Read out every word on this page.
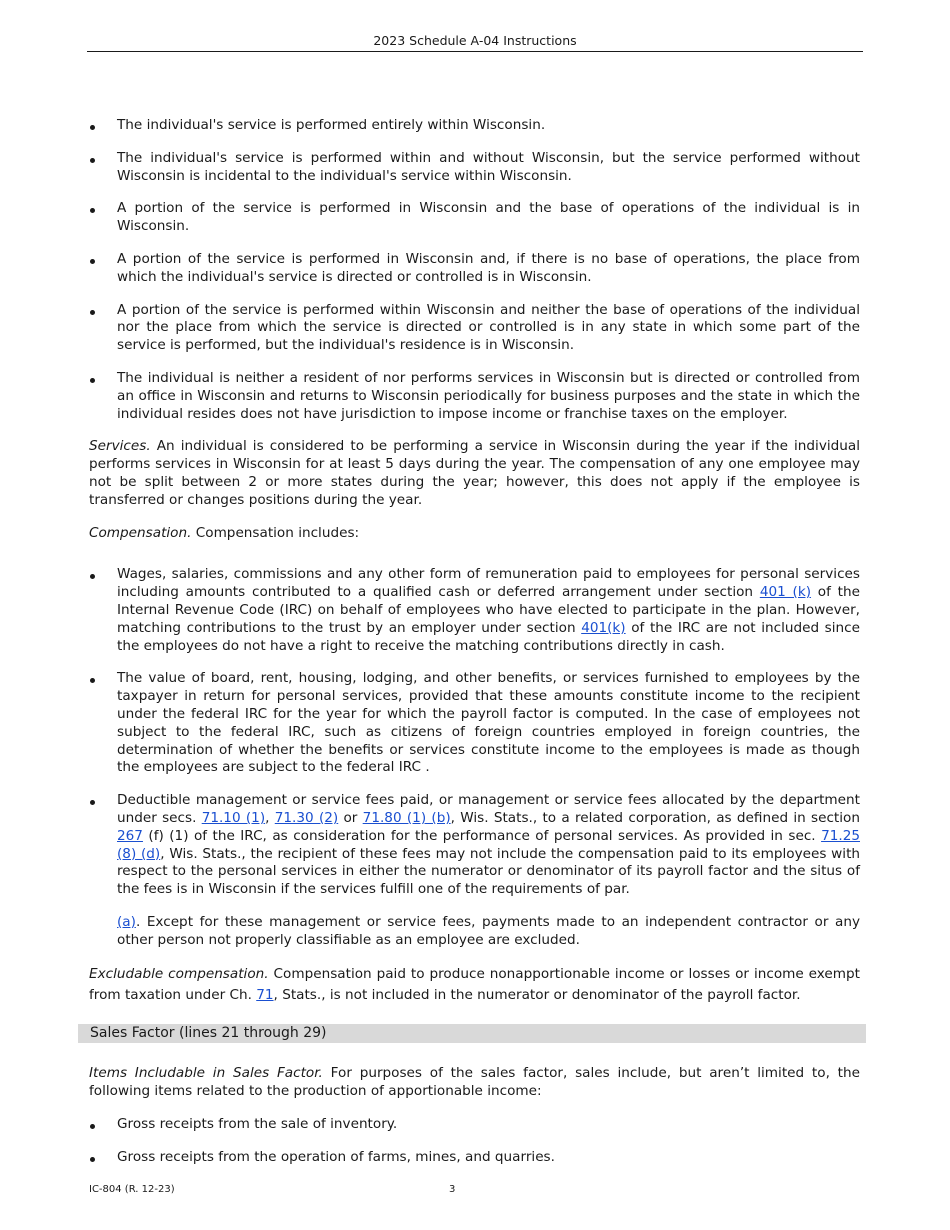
2023 Schedule A-04 Instructions
The individual's service is performed entirely within Wisconsin.
The individual's service is performed within and without Wisconsin, but the service performed without Wisconsin is incidental to the individual's service within Wisconsin.
A portion of the service is performed in Wisconsin and the base of operations of the individual is in Wisconsin.
A portion of the service is performed in Wisconsin and, if there is no base of operations, the place from which the individual's service is directed or controlled is in Wisconsin.
A portion of the service is performed within Wisconsin and neither the base of operations of the individual nor the place from which the service is directed or controlled is in any state in which some part of the service is performed, but the individual's residence is in Wisconsin.
The individual is neither a resident of nor performs services in Wisconsin but is directed or controlled from an office in Wisconsin and returns to Wisconsin periodically for business purposes and the state in which the individual resides does not have jurisdiction to impose income or franchise taxes on the employer.

Services. An individual is considered to be performing a service in Wisconsin during the year if the individual performs services in Wisconsin for at least 5 days during the year. The compensation of any one employee may not be split between 2 or more states during the year; however, this does not apply if the employee is transferred or changes positions during the year.

Compensation. Compensation includes:

Wages, salaries, commissions and any other form of remuneration paid to employees for personal services including amounts contributed to a qualified cash or deferred arrangement under section 401 (k) of the Internal Revenue Code (IRC) on behalf of employees who have elected to participate in the plan. However, matching contributions to the trust by an employer under section 401(k) of the IRC are not included since the employees do not have a right to receive the matching contributions directly in cash.
The value of board, rent, housing, lodging, and other benefits, or services furnished to employees by the taxpayer in return for personal services, provided that these amounts constitute income to the recipient under the federal IRC for the year for which the payroll factor is computed. In the case of employees not subject to the federal IRC, such as citizens of foreign countries employed in foreign countries, the determination of whether the benefits or services constitute income to the employees is made as though the employees are subject to the federal IRC .
Deductible management or service fees paid, or management or service fees allocated by the department under secs. 71.10 (1), 71.30 (2) or 71.80 (1) (b), Wis. Stats., to a related corporation, as defined in section 267 (f) (1) of the IRC, as consideration for the performance of personal services. As provided in sec. 71.25 (8) (d), Wis. Stats., the recipient of these fees may not include the compensation paid to its employees with respect to the personal services in either the numerator or denominator of its payroll factor and the situs of the fees is in Wisconsin if the services fulfill one of the requirements of par.

(a). Except for these management or service fees, payments made to an independent contractor or any other person not properly classifiable as an employee are excluded.

Excludable compensation. Compensation paid to produce nonapportionable income or losses or income exempt from taxation under Ch. 71, Stats., is not included in the numerator or denominator of the payroll factor.

Sales Factor (lines 21 through 29)

Items Includable in Sales Factor. For purposes of the sales factor, sales include, but aren’t limited to, the following items related to the production of apportionable income:

Gross receipts from the sale of inventory.
Gross receipts from the operation of farms, mines, and quarries.
IC-804 (R. 12-23)	3
